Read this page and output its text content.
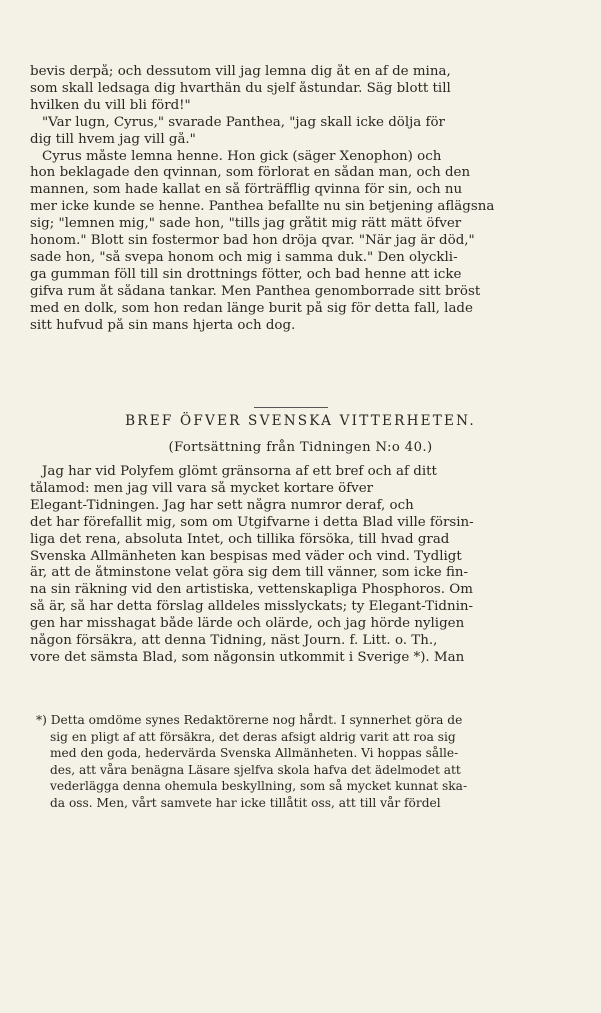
bevis derpå; och dessutom vill jag lemna dig åt en af de mina,
som skall ledsaga dig hvarthän du sjelf åstundar. Säg blott till
hvilken du vill bli förd!"
"Var lugn, Cyrus," svarade Panthea, "jag skall icke dölja för
dig till hvem jag vill gå."
Cyrus måste lemna henne. Hon gick (säger Xenophon) och
hon beklagade den qvinnan, som förlorat en sådan man, och den
mannen, som hade kallat en så förträfflig qvinna för sin, och nu
mer icke kunde se henne. Panthea befallte nu sin betjening aflägsna
sig; "lemnen mig," sade hon, "tills jag gråtit mig rätt mätt öfver
honom." Blott sin fostermor bad hon dröja qvar. "När jag är död,"
sade hon, "så svepa honom och mig i samma duk." Den olyckli-
ga gumman föll till sin drottnings fötter, och bad henne att icke
gifva rum åt sådana tankar. Men Panthea genomborrade sitt bröst
med en dolk, som hon redan länge burit på sig för detta fall, lade
sitt hufvud på sin mans hjerta och dog.
BREF ÖFVER SVENSKA VITTERHETEN.
(Fortsättning från Tidningen N:o 40.)
Jag har vid Polyfem glömt gränsorna af ett bref och af ditt
tålamod: men jag vill vara så mycket kortare öfver
Elegant-Tidningen. Jag har sett några numror deraf, och
det har förefallit mig, som om Utgifvarne i detta Blad ville försin-
liga det rena, absoluta Intet, och tillika försöka, till hvad grad
Svenska Allmänheten kan bespisas med väder och vind. Tydligt
är, att de åtminstone velat göra sig dem till vänner, som icke fin-
na sin räkning vid den artistiska, vettenskapliga Phosphoros. Om
så är, så har detta förslag alldeles misslyckats; ty Elegant-Tidnin-
gen har misshagat både lärde och olärde, och jag hörde nyligen
någon försäkra, att denna Tidning, näst Journ. f. Litt. o. Th.,
vore det sämsta Blad, som någonsin utkommit i Sverige *). Man
*) Detta omdöme synes Redaktörerne nog hårdt. I synnerhet göra de
sig en pligt af att försäkra, det deras afsigt aldrig varit att roa sig
med den goda, hedervärda Svenska Allmänheten. Vi hoppas sålle-
des, att våra benägna Läsare sjelfva skola hafva det ädelmodet att
vederlägga denna ohemula beskyllning, som så mycket kunnat ska-
da oss. Men, vårt samvete har icke tillåtit oss, att till vår fördel
